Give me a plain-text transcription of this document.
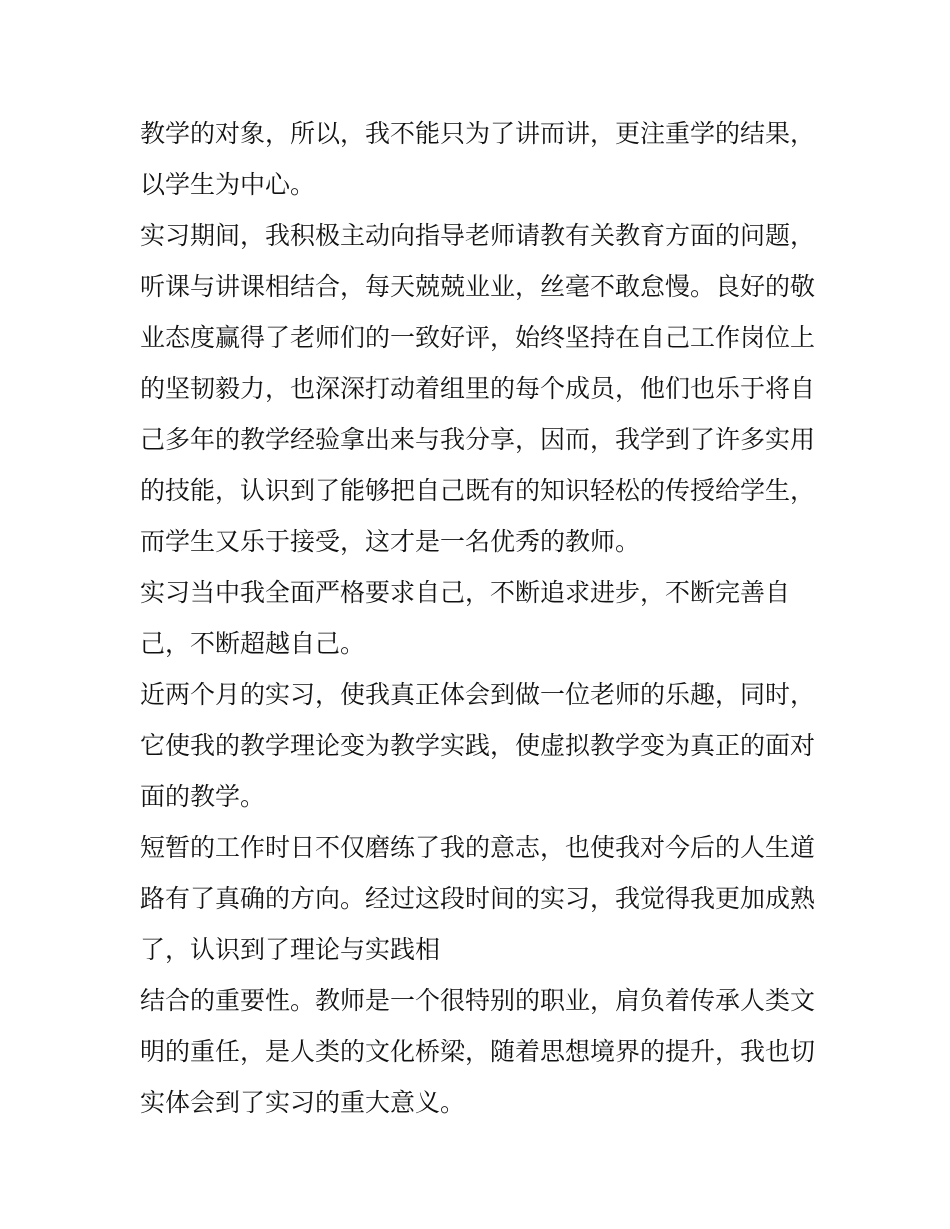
教学的对象，所以，我不能只为了讲而讲，更注重学的结果，
以学生为中心。
实习期间，我积极主动向指导老师请教有关教育方面的问题，
听课与讲课相结合，每天兢兢业业，丝毫不敢怠慢。良好的敬
业态度赢得了老师们的一致好评，始终坚持在自己工作岗位上
的坚韧毅力，也深深打动着组里的每个成员，他们也乐于将自
己多年的教学经验拿出来与我分享，因而，我学到了许多实用
的技能，认识到了能够把自己既有的知识轻松的传授给学生，
而学生又乐于接受，这才是一名优秀的教师。
实习当中我全面严格要求自己，不断追求进步，不断完善自
己，不断超越自己。
近两个月的实习，使我真正体会到做一位老师的乐趣，同时，
它使我的教学理论变为教学实践，使虚拟教学变为真正的面对
面的教学。
短暂的工作时日不仅磨练了我的意志，也使我对今后的人生道
路有了真确的方向。经过这段时间的实习，我觉得我更加成熟
了，认识到了理论与实践相
结合的重要性。教师是一个很特别的职业，肩负着传承人类文
明的重任，是人类的文化桥梁，随着思想境界的提升，我也切
实体会到了实习的重大意义。
